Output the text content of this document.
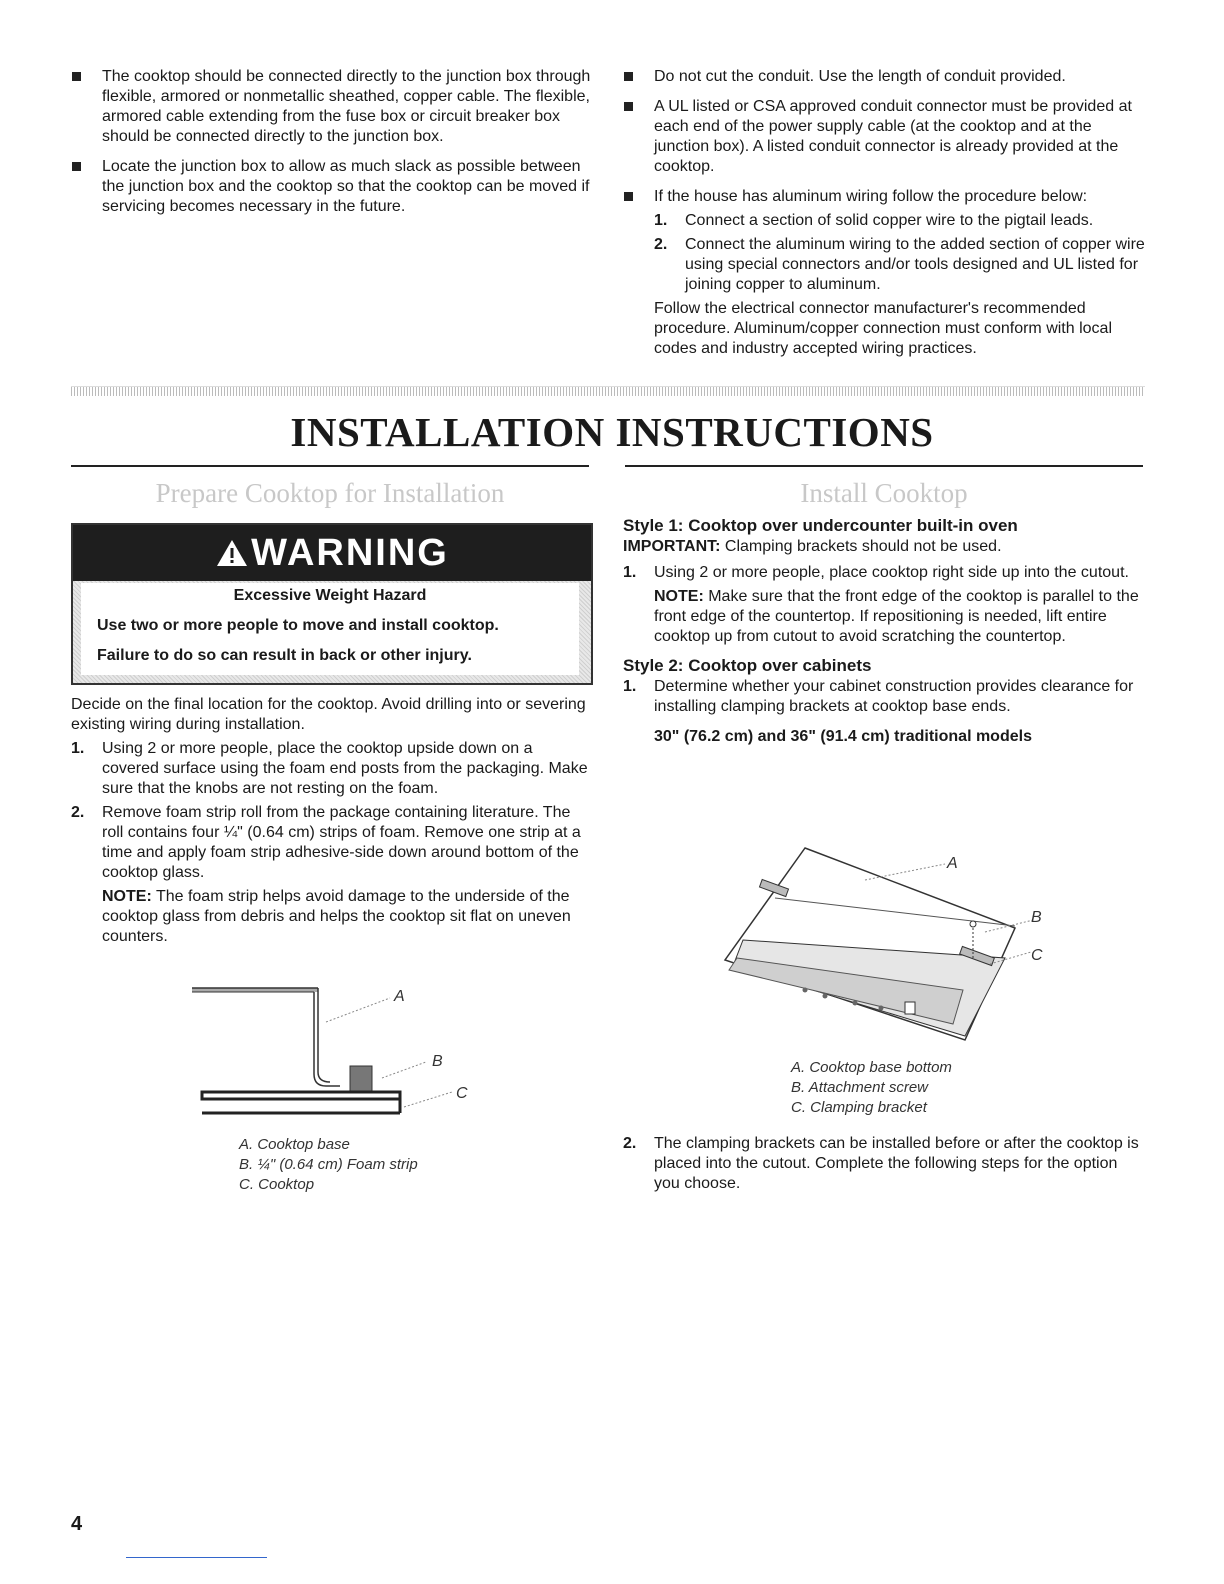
The cooktop should be connected directly to the junction box through flexible, armored or nonmetallic sheathed, copper cable. The flexible, armored cable extending from the fuse box or circuit breaker box should be connected directly to the junction box.
Locate the junction box to allow as much slack as possible between the junction box and the cooktop so that the cooktop can be moved if servicing becomes necessary in the future.
Do not cut the conduit. Use the length of conduit provided.
A UL listed or CSA approved conduit connector must be provided at each end of the power supply cable (at the cooktop and at the junction box). A listed conduit connector is already provided at the cooktop.
If the house has aluminum wiring follow the procedure below:
1. Connect a section of solid copper wire to the pigtail leads.
2. Connect the aluminum wiring to the added section of copper wire using special connectors and/or tools designed and UL listed for joining copper to aluminum.
Follow the electrical connector manufacturer's recommended procedure. Aluminum/copper connection must conform with local codes and industry accepted wiring practices.
INSTALLATION INSTRUCTIONS
Prepare Cooktop for Installation	Install Cooktop
WARNING
Excessive Weight Hazard
Use two or more people to move and install cooktop.
Failure to do so can result in back or other injury.
Decide on the final location for the cooktop. Avoid drilling into or severing existing wiring during installation.
1. Using 2 or more people, place the cooktop upside down on a covered surface using the foam end posts from the packaging. Make sure that the knobs are not resting on the foam.
2. Remove foam strip roll from the package containing literature. The roll contains four ¼" (0.64 cm) strips of foam. Remove one strip at a time and apply foam strip adhesive-side down around bottom of the cooktop glass.
NOTE: The foam strip helps avoid damage to the underside of the cooktop glass from debris and helps the cooktop sit flat on uneven counters.
A
B
C
A. Cooktop base
B. ¼" (0.64 cm) Foam strip
C. Cooktop
Style 1: Cooktop over undercounter built-in oven
IMPORTANT: Clamping brackets should not be used.
1. Using 2 or more people, place cooktop right side up into the cutout.
NOTE: Make sure that the front edge of the cooktop is parallel to the front edge of the countertop. If repositioning is needed, lift entire cooktop up from cutout to avoid scratching the countertop.
Style 2: Cooktop over cabinets
1. Determine whether your cabinet construction provides clearance for installing clamping brackets at cooktop base ends.
30" (76.2 cm) and 36" (91.4 cm) traditional models
A
B
C
A. Cooktop base bottom
B. Attachment screw
C. Clamping bracket
2. The clamping brackets can be installed before or after the cooktop is placed into the cutout. Complete the following steps for the option you choose.
4
